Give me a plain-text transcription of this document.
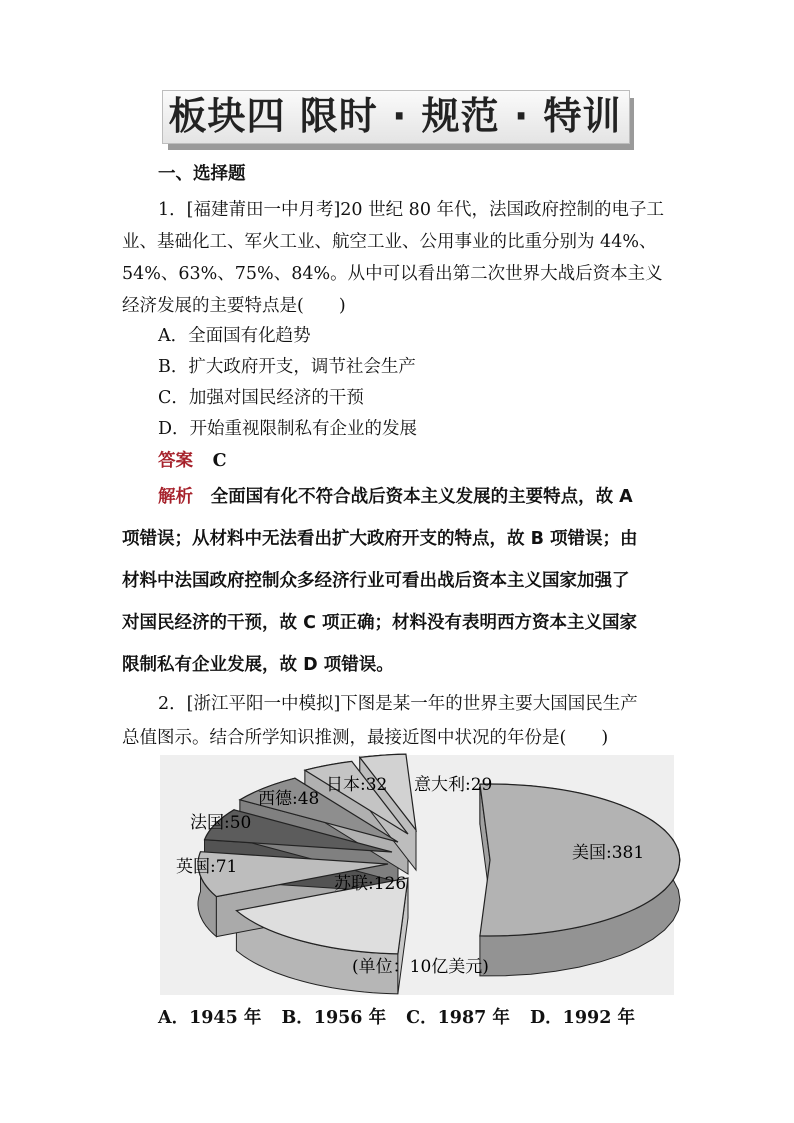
板块四 限时 · 规范 · 特训
一、选择题
1．[福建莆田一中月考]20 世纪 80 年代，法国政府控制的电子工
业、基础化工、军火工业、航空工业、公用事业的比重分别为 44%、
54%、63%、75%、84%。从中可以看出第二次世界大战后资本主义
经济发展的主要特点是(　　)
A．全面国有化趋势
B．扩大政府开支，调节社会生产
C．加强对国民经济的干预
D．开始重视限制私有企业的发展
答案 C
解析 全面国有化不符合战后资本主义发展的主要特点，故 A
项错误；从材料中无法看出扩大政府开支的特点，故 B 项错误；由
材料中法国政府控制众多经济行业可看出战后资本主义国家加强了
对国民经济的干预，故 C 项正确；材料没有表明西方资本主义国家
限制私有企业发展，故 D 项错误。
2．[浙江平阳一中模拟]下图是某一年的世界主要大国国民生产
总值图示。结合所学知识推测，最接近图中状况的年份是(　　)
美国:381
苏联:126
英国:71
法国:50
西德:48
日本:32 意大利:29
(单位：10亿美元)
A．1945 年 B．1956 年 C．1987 年 D．1992 年
